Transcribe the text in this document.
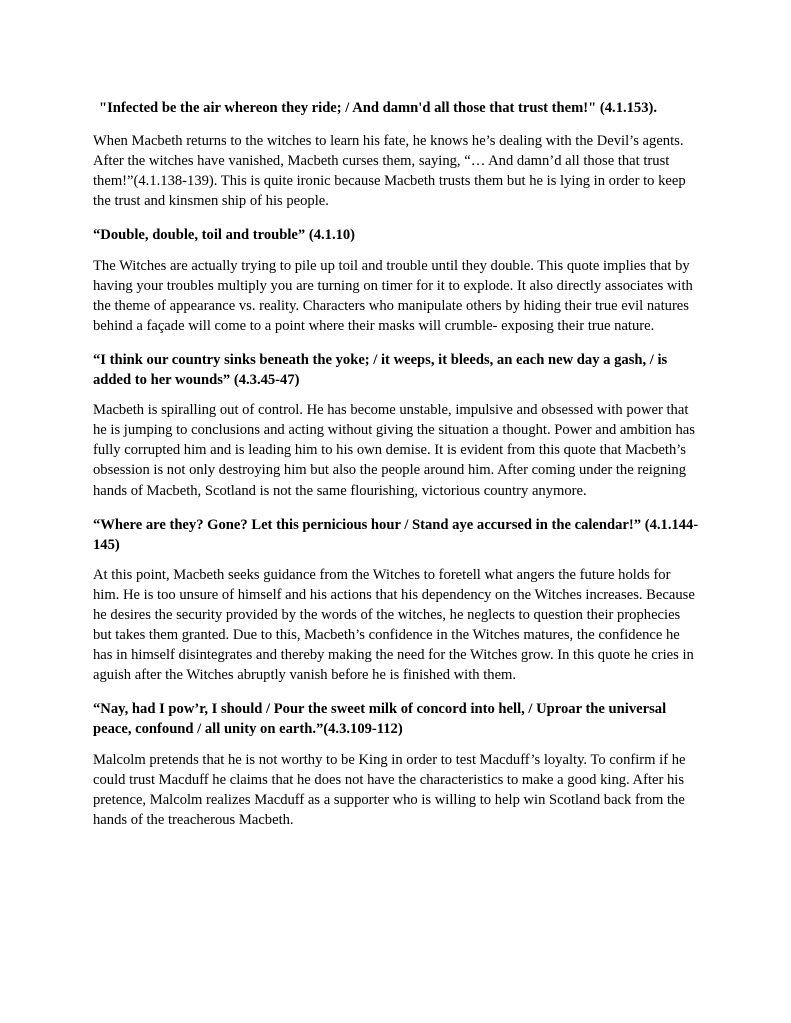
"Infected be the air whereon they ride; / And damn'd all those that trust them!" (4.1.153).

When Macbeth returns to the witches to learn his fate, he knows he’s dealing with the Devil’s agents. After the witches have vanished, Macbeth curses them, saying, “… And damn’d all those that trust them!”(4.1.138-139). This is quite ironic because Macbeth trusts them but he is lying in order to keep the trust and kinsmen ship of his people.

“Double, double, toil and trouble” (4.1.10)

The Witches are actually trying to pile up toil and trouble until they double. This quote implies that by having your troubles multiply you are turning on timer for it to explode. It also directly associates with the theme of appearance vs. reality. Characters who manipulate others by hiding their true evil natures behind a façade will come to a point where their masks will crumble- exposing their true nature.

“I think our country sinks beneath the yoke; / it weeps, it bleeds, an each new day a gash, / is added to her wounds” (4.3.45-47)

Macbeth is spiralling out of control. He has become unstable, impulsive and obsessed with power that he is jumping to conclusions and acting without giving the situation a thought. Power and ambition has fully corrupted him and is leading him to his own demise. It is evident from this quote that Macbeth’s obsession is not only destroying him but also the people around him. After coming under the reigning hands of Macbeth, Scotland is not the same flourishing, victorious country anymore.

“Where are they? Gone? Let this pernicious hour / Stand aye accursed in the calendar!” (4.1.144-145)

At this point, Macbeth seeks guidance from the Witches to foretell what angers the future holds for him. He is too unsure of himself and his actions that his dependency on the Witches increases. Because he desires the security provided by the words of the witches, he neglects to question their prophecies but takes them granted. Due to this, Macbeth’s confidence in the Witches matures, the confidence he has in himself disintegrates and thereby making the need for the Witches grow. In this quote he cries in aguish after the Witches abruptly vanish before he is finished with them.

“Nay, had I pow’r, I should / Pour the sweet milk of concord into hell, / Uproar the universal peace, confound / all unity on earth.”(4.3.109-112)

Malcolm pretends that he is not worthy to be King in order to test Macduff’s loyalty. To confirm if he could trust Macduff he claims that he does not have the characteristics to make a good king. After his pretence, Malcolm realizes Macduff as a supporter who is willing to help win Scotland back from the hands of the treacherous Macbeth.
